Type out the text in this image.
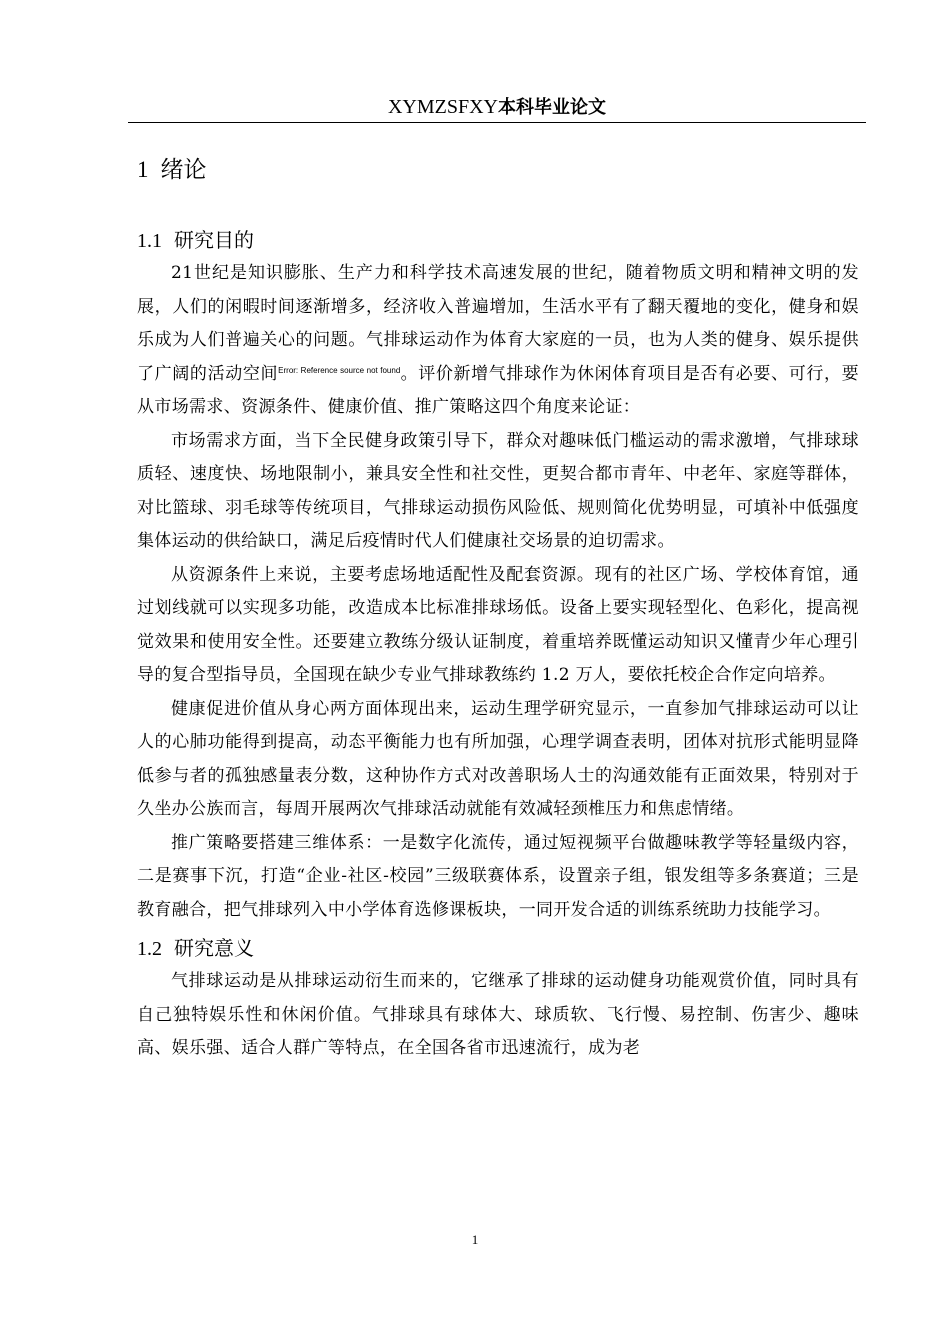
XYMZSFXY本科毕业论文
1 绪论
1.1 研究目的

21世纪是知识膨胀、生产力和科学技术高速发展的世纪，随着物质文明和精神文明的发展，人们的闲暇时间逐渐增多，经济收入普遍增加，生活水平有了翻天覆地的变化，健身和娱乐成为人们普遍关心的问题。气排球运动作为体育大家庭的一员，也为人类的健身、娱乐提供了广阔的活动空间$^{Error: Reference source not found}$。评价新增气排球作为休闲体育项目是否有必要、可行，要从市场需求、资源条件、健康价值、推广策略这四个角度来论证：

市场需求方面，当下全民健身政策引导下，群众对趣味低门槛运动的需求激增，气排球球质轻、速度快、场地限制小，兼具安全性和社交性，更契合都市青年、中老年、家庭等群体，对比篮球、羽毛球等传统项目，气排球运动损伤风险低、规则简化优势明显，可填补中低强度集体运动的供给缺口，满足后疫情时代人们健康社交场景的迫切需求。

从资源条件上来说，主要考虑场地适配性及配套资源。现有的社区广场、学校体育馆，通过划线就可以实现多功能，改造成本比标准排球场低。设备上要实现轻型化、色彩化，提高视觉效果和使用安全性。还要建立教练分级认证制度，着重培养既懂运动知识又懂青少年心理引导的复合型指导员，全国现在缺少专业气排球教练约 1.2 万人，要依托校企合作定向培养。

健康促进价值从身心两方面体现出来，运动生理学研究显示，一直参加气排球运动可以让人的心肺功能得到提高，动态平衡能力也有所加强，心理学调查表明，团体对抗形式能明显降低参与者的孤独感量表分数，这种协作方式对改善职场人士的沟通效能有正面效果，特别对于久坐办公族而言，每周开展两次气排球活动就能有效减轻颈椎压力和焦虑情绪。

推广策略要搭建三维体系：一是数字化流传，通过短视频平台做趣味教学等轻量级内容，二是赛事下沉，打造“企业-社区-校园”三级联赛体系，设置亲子组，银发组等多条赛道；三是教育融合，把气排球列入中小学体育选修课板块，一同开发合适的训练系统助力技能学习。

1.2 研究意义

气排球运动是从排球运动衍生而来的，它继承了排球的运动健身功能观赏价值，同时具有自己独特娱乐性和休闲价值。气排球具有球体大、球质软、飞行慢、易控制、伤害少、趣味高、娱乐强、适合人群广等特点，在全国各省市迅速流行，成为老

1
